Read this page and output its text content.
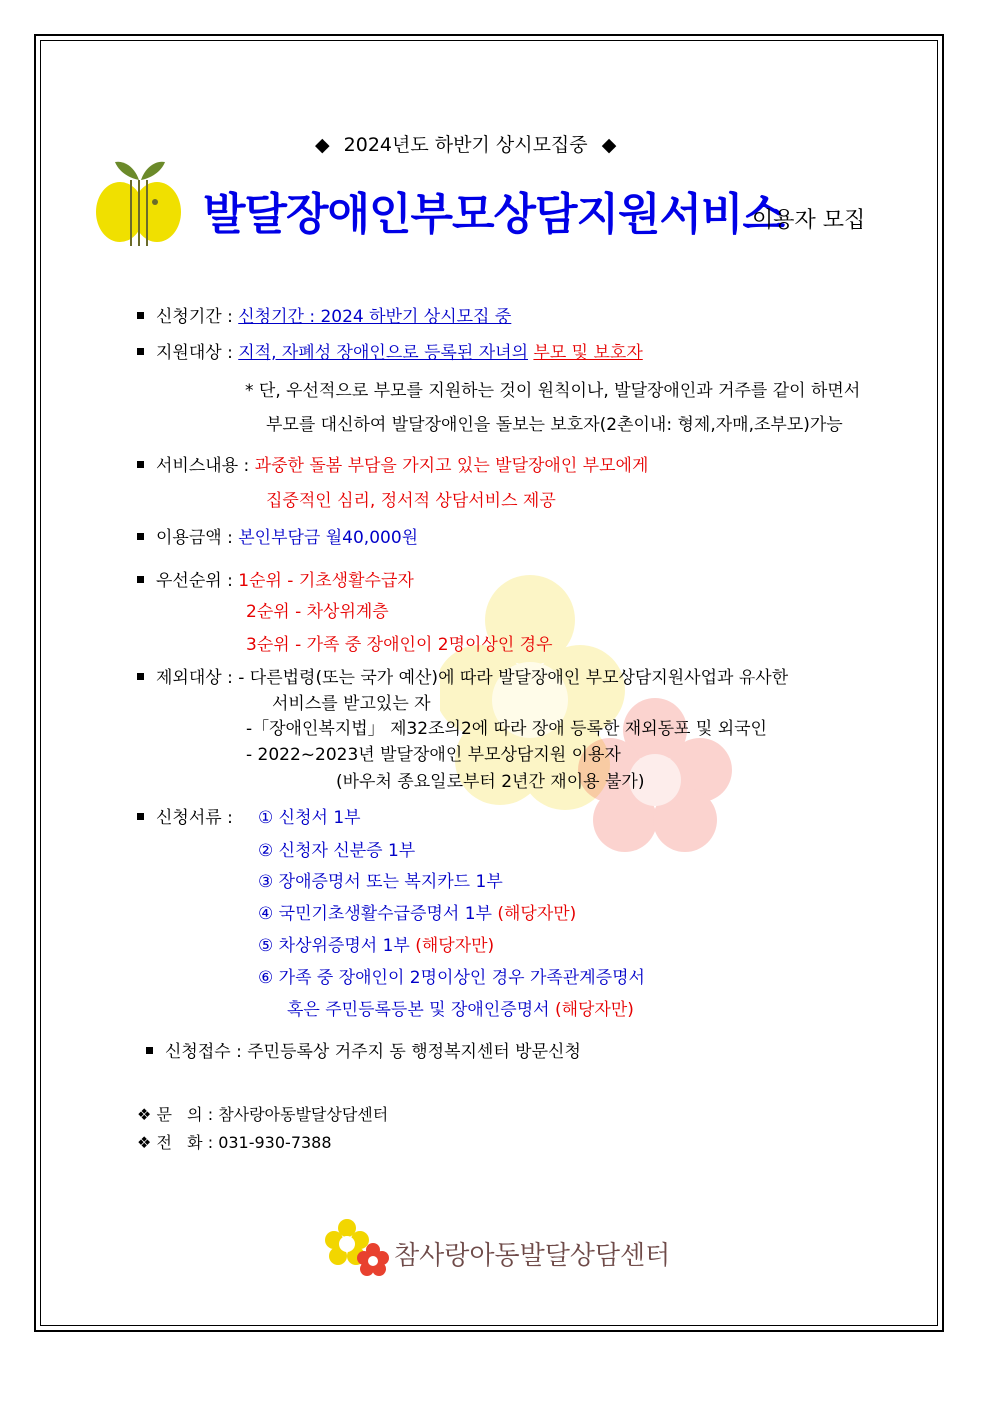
◆ 2024년도 하반기 상시모집중 ◆
발달장애인부모상담지원서비스
이용자 모집
신청기간 : 신청기간 : 2024 하반기 상시모집 중
지원대상 : 지적, 자폐성 장애인으로 등록된 자녀의 부모 및 보호자
* 단, 우선적으로 부모를 지원하는 것이 원칙이나, 발달장애인과 거주를 같이 하면서
부모를 대신하여 발달장애인을 돌보는 보호자(2촌이내: 형제,자매,조부모)가능
서비스내용 : 과중한 돌봄 부담을 가지고 있는 발달장애인 부모에게
집중적인 심리, 정서적 상담서비스 제공
이용금액 : 본인부담금 월40,000원
우선순위 : 1순위 - 기초생활수급자
2순위 - 차상위계층
3순위 - 가족 중 장애인이 2명이상인 경우
제외대상 : - 다른법령(또는 국가 예산)에 따라 발달장애인 부모상담지원사업과 유사한
서비스를 받고있는 자
-「장애인복지법」 제32조의2에 따라 장애 등록한 재외동포 및 외국인
- 2022~2023년 발달장애인 부모상담지원 이용자
(바우처 종요일로부터 2년간 재이용 불가)
신청서류 : ① 신청서 1부
② 신청자 신분증 1부
③ 장애증명서 또는 복지카드 1부
④ 국민기초생활수급증명서 1부 (해당자만)
⑤ 차상위증명서 1부 (해당자만)
⑥ 가족 중 장애인이 2명이상인 경우 가족관계증명서
혹은 주민등록등본 및 장애인증명서 (해당자만)
신청접수 : 주민등록상 거주지 동 행정복지센터 방문신청
❖ 문   의 : 참사랑아동발달상담센터
❖ 전   화 : 031-930-7388
참사랑아동발달상담센터
